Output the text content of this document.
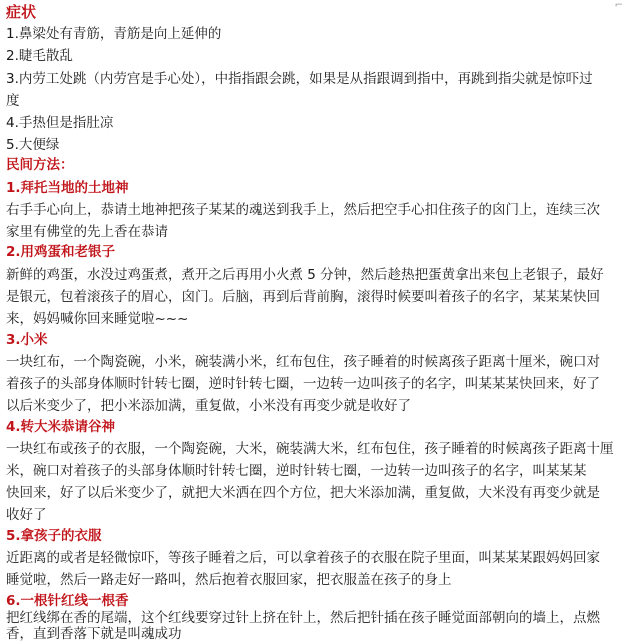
⌐
症状
1.鼻梁处有青筋，青筋是向上延伸的
2.睫毛散乱
3.内劳工处跳（内劳宫是手心处），中指指跟会跳，如果是从指跟调到指中，再跳到指尖就是惊吓过
度
4.手热但是指肚凉
5.大便绿
民间方法：
1.拜托当地的土地神
右手手心向上，恭请土地神把孩子某某的魂送到我手上，然后把空手心扣住孩子的囟门上，连续三次
家里有佛堂的先上香在恭请
2.用鸡蛋和老银子
新鲜的鸡蛋，水没过鸡蛋煮，煮开之后再用小火煮 5 分钟，然后趁热把蛋黄拿出来包上老银子，最好
是银元，包着滚孩子的眉心，囟门。后脑，再到后背前胸，滚得时候要叫着孩子的名字，某某某快回
来，妈妈喊你回来睡觉啦~~~
3.小米
一块红布，一个陶瓷碗，小米，碗装满小米，红布包住，孩子睡着的时候离孩子距离十厘米，碗口对
着孩子的头部身体顺时针转七圈，逆时针转七圈，一边转一边叫孩子的名字，叫某某某快回来，好了
以后米变少了，把小米添加满，重复做，小米没有再变少就是收好了
4.转大米恭请谷神
一块红布或孩子的衣服，一个陶瓷碗，大米，碗装满大米，红布包住，孩子睡着的时候离孩子距离十厘
米，碗口对着孩子的头部身体顺时针转七圈，逆时针转七圈，一边转一边叫孩子的名字，叫某某某
快回来，好了以后米变少了，就把大米洒在四个方位，把大米添加满，重复做，大米没有再变少就是
收好了
5.拿孩子的衣服
近距离的或者是轻微惊吓，等孩子睡着之后，可以拿着孩子的衣服在院子里面，叫某某某跟妈妈回家
睡觉啦，然后一路走好一路叫，然后抱着衣服回家，把衣服盖在孩子的身上
6.一根针红线一根香
把红线绑在香的尾端，这个红线要穿过针上挤在针上，然后把针插在孩子睡觉面部朝向的墙上，点燃
香，直到香落下就是叫魂成功
